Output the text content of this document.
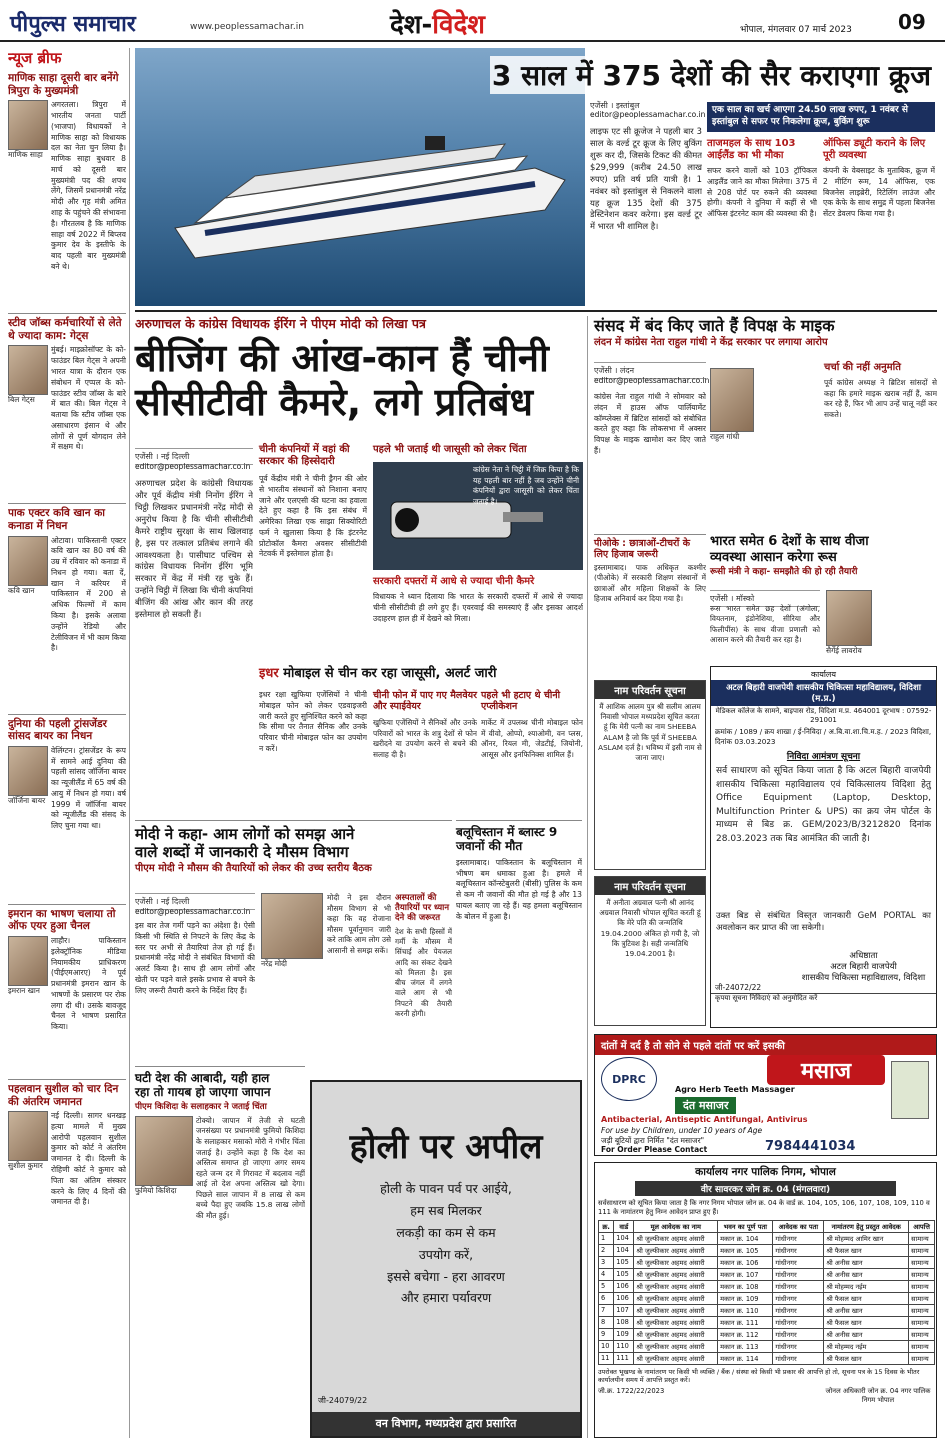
पीपुल्स समाचार	www.peoplessamachar.in	देश-विदेश	भोपाल, मंगलवार 07 मार्च 2023 09
न्यूज ब्रीफ
माणिक साहा दूसरी बार बनेंगे त्रिपुरा के मुख्यमंत्री
माणिक साहा
अगरतला। त्रिपुरा में भारतीय जनता पार्टी (भाजपा) विधायकों ने माणिक साहा को विधायक दल का नेता चुन लिया है। माणिक साहा बुधवार 8 मार्च को दूसरी बार मुख्यमंत्री पद की शपथ लेंगे, जिसमें प्रधानमंत्री नरेंद्र मोदी और गृह मंत्री अमित शाह के पहुंचने की संभावना है। गौरतलब है कि माणिक साहा वर्ष 2022 में बिप्लव कुमार देव के इस्तीफे के बाद पहली बार मुख्यमंत्री बने थे।
स्टीव जॉब्स कर्मचारियों से लेते थे ज्यादा काम: गेट्स
बिल गेट्स
मुंबई। माइक्रोसॉफ्ट के को-फाउंडर बिल गेट्स ने अपनी भारत यात्रा के दौरान एक संबोधन में एप्पल के को-फाउंडर स्टीव जॉब्स के बारे में बात की। बिल गेट्स ने बताया कि स्टीव जॉब्स एक असाधारण इंसान थे और लोगों से पूर्ण योगदान लेने में सक्षम थे।
पाक एक्टर कवि खान का कनाडा में निधन
कवि खान
ओटावा। पाकिस्तानी एक्टर कवि खान का 80 वर्ष की उम्र में रविवार को कनाडा में निधन हो गया। बता दें, खान ने करियर में पाकिस्तान में 200 से अधिक फिल्मों में काम किया है। इसके अलावा उन्होंने रेडियो और टेलीविजन में भी काम किया है।
दुनिया की पहली ट्रांसजेंडर सांसद बायर का निधन
जॉर्जिना बायर
वेलिंग्टन। ट्रांसजेंडर के रूप में सामने आई दुनिया की पहली सांसद जॉर्जिना बायर का न्यूजीलैंड में 65 वर्ष की आयु में निधन हो गया। वर्ष 1999 में जॉर्जिना बायर को न्यूजीलैंड की संसद के लिए चुना गया था।
इमरान का भाषण चलाया तो ऑफ एयर हुआ चैनल
इमरान खान
लाहौर। पाकिस्तान इलेक्ट्रॉनिक मीडिया नियामकीय प्राधिकरण (पीईएमआरए) ने पूर्व प्रधानमंत्री इमरान खान के भाषणों के प्रसारण पर रोक लगा दी थी। उसके बावजूद चैनल ने भाषण प्रसारित किया।
पहलवान सुशील को चार दिन की अंतरिम जमानत
सुशील कुमार
नई दिल्ली। सागर धनखड़ हत्या मामले में मुख्य आरोपी पहलवान सुशील कुमार को कोर्ट ने अंतरिम जमानत दे दी। दिल्ली के रोहिणी कोर्ट ने कुमार को पिता का अंतिम संस्कार करने के लिए 4 दिनों की जमानत दी है।
3 साल में 375 देशों की सैर कराएगा क्रूज
एजेंसी । इस्तांबुल
editor@peoplessamachar.co.in
लाइफ एट सी क्रूजेज ने पहली बार 3 साल के वर्ल्ड टूर क्रूज के लिए बुकिंग शुरू कर दी, जिसके टिकट की कीमत $29,999 (करीब 24.50 लाख रुपए) प्रति वर्ष प्रति यात्री है। 1 नवंबर को इस्तांबुल से निकलने वाला यह क्रूज 135 देशों की 375 डेस्टिनेशन कवर करेगा। इस वर्ल्ड टूर में भारत भी शामिल है।
एक साल का खर्च आएगा 24.50 लाख रुपए, 1 नवंबर से इस्तांबुल से सफर पर निकलेगा क्रूज, बुकिंग शुरू
ताजमहल के साथ 103 आईलैंड का भी मौका
सफर करने वालों को 103 ट्रॉपिकल आइलैंड जाने का मौका मिलेगा। 375 में से 208 पोर्ट पर रुकने की व्यवस्था होगी। कंपनी ने दुनिया में कहीं से भी ऑफिस इंटरनेट काम की व्यवस्था की है।
ऑफिस ड्यूटी कराने के लिए पूरी व्यवस्था
कंपनी के वेबसाइट के मुताबिक, क्रूज में 2 मीटिंग रूम, 14 ऑफिस, एक बिजनेस लाइब्रेरी, रिटेलिंग लाउंज और एक केफे के साथ समुद्र में पहला बिजनेस सेंटर डेवलप किया गया है।
अरुणाचल के कांग्रेस विधायक ईरिंग ने पीएम मोदी को लिखा पत्र
बीजिंग की आंख-कान हैं चीनी
सीसीटीवी कैमरे, लगे प्रतिबंध
एजेंसी । नई दिल्ली
editor@peoplessamachar.co.in
अरुणाचल प्रदेश के कांग्रेसी विधायक और पूर्व केंद्रीय मंत्री निनोंग ईरिंग ने चिट्ठी लिखकर प्रधानमंत्री नरेंद्र मोदी से अनुरोध किया है कि चीनी सीसीटीवी कैमरे राष्ट्रीय सुरक्षा के साथ खिलवाड़ है, इस पर तत्काल प्रतिबंध लगाने की आवश्यकता है। पासीघाट पश्चिम से कांग्रेस विधायक निनोंग ईरिंग भूमि सरकार में केंद्र में मंत्री रह चुके हैं। उन्होंने चिट्ठी में लिखा कि चीनी कंपनियां बीजिंग की आंख और कान की तरह इस्तेमाल हो सकती हैं।
चीनी कंपनियों में वहां की सरकार की हिस्सेदारी
पूर्व केंद्रीय मंत्री ने चीनी ड्रैगन की ओर से भारतीय संस्थानों को निशाना बनाए जाने और एलएसी की घटना का हवाला देते हुए कहा है कि इस संबंध में अमेरिका लिखा एक साझा सिक्योरिटी फर्म ने खुलासा किया है कि इंटरनेट प्रोटोकॉल कैमरा अवसर सीसीटीवी नेटवर्क में इस्तेमाल होता है।
पहले भी जताई थी जासूसी को लेकर चिंता
कांग्रेस नेता ने चिट्ठी में जिक्र किया है कि यह पहली बार नहीं है जब उन्होंने चीनी कंपनियों द्वारा जासूसी को लेकर चिंता जताई है।
सरकारी दफ्तरों में आधे से ज्यादा चीनी कैमरे
विधायक ने ध्यान दिलाया कि भारत के सरकारी दफ्तरों में आधे से ज्यादा चीनी सीसीटीवी ही लगे हुए हैं। एवरवाई की समस्याएं हैं और इसका आदर्श उदाहरण हाल ही में देखने को मिला।
इधर मोबाइल से चीन कर रहा जासूसी, अलर्ट जारी
इधर रक्षा खुफिया एजेंसियों ने चीनी मोबाइल फोन को लेकर एडवाइजरी जारी करते हुए सुनिश्चित करने को कहा कि सीमा पर तैनात सैनिक और उनके परिवार चीनी मोबाइल फोन का उपयोग न करें।
चीनी फोन में पाए गए मैलवेयर और स्पाईवेयर
खुफिया एजेंसियों ने सैनिकों और उनके परिवारों को भारत के शत्रु देशों से फोन खरीदने या उपयोग करने से बचने की सलाह दी है।
पहले भी हटाए थे चीनी एप्लीकेशन
मार्केट में उपलब्ध चीनी मोबाइल फोन में वीवो, ओप्पो, श्याओमी, वन प्लस, ऑनर, रियल मी, जेडटीई, जियोनी, आसूस और इनफिनिक्स शामिल हैं।
मोदी ने कहा- आम लोगों को समझ आने
वाले शब्दों में जानकारी दे मौसम विभाग
पीएम मोदी ने मौसम की तैयारियों को लेकर की उच्च स्तरीय बैठक
एजेंसी । नई दिल्ली
editor@peoplessamachar.co.in
इस बार तेज गर्मी पड़ने का अंदेशा है। ऐसी किसी भी स्थिति से निपटने के लिए केंद्र के स्तर पर अभी से तैयारियां तेज हो गई हैं। प्रधानमंत्री नरेंद्र मोदी ने संबंधित विभागों की अलर्ट किया है। साथ ही आम लोगों और खेती पर पड़ने वाले इसके प्रभाव से बचने के लिए जरूरी तैयारी करने के निर्देश दिए हैं।
नरेंद्र मोदी
मोदी ने इस दौरान मौसम विभाग से भी कहा कि वह रोजाना मौसम पूर्वानुमान जारी करे ताकि आम लोग उसे आसानी से समझ सकें।
अस्पतालों की तैयारियों पर ध्यान देने की जरूरत
देश के सभी हिस्सों में गर्मी के मौसम में सिंचाई और पेयजल आदि का संकट देखने को मिलता है। इस बीच जंगल में लगने वाले आग से भी निपटने की तैयारी करनी होगी।
बलूचिस्तान में ब्लास्ट 9 जवानों की मौत
इस्लामाबाद। पाकिस्तान के बलूचिस्तान में भीषण बम धमाका हुआ है। हमले में बलूचिस्तान कॉन्स्टेबुलरी (बीसी) पुलिस के कम से कम नौ जवानों की मौत हो गई है और 13 घायल बताए जा रहे हैं। यह हमला बलूचिस्तान के बोलन में हुआ है।
घटी देश की आबादी, यही हाल
रहा तो गायब हो जाएगा जापान
पीएम किशिदा के सलाहकार ने जताई चिंता
फुमियो किशिदा
टोक्यो। जापान में तेजी से घटती जनसंख्या पर प्रधानमंत्री फुमियो किशिदा के सलाहकार मसाको मोरी ने गंभीर चिंता जताई है। उन्होंने कहा है कि देश का अस्तित्व समाप्त हो जाएगा अगर समय रहते जन्म दर में गिरावट में बदलाव नहीं आई तो देश अपना अस्तित्व खो देगा। पिछले साल जापान में 8 लाख से कम बच्चे पैदा हुए जबकि 15.8 लाख लोगों की मौत हुई।
होली पर अपील
होली के पावन पर्व पर आईये,
हम सब मिलकर
लकड़ी का कम से कम
उपयोग करें,
इससे बचेगा - हरा आवरण
और हमारा पर्यावरण
जी-24079/22
वन विभाग, मध्यप्रदेश द्वारा प्रसारित
संसद में बंद किए जाते हैं विपक्ष के माइक
लंदन में कांग्रेस नेता राहुल गांधी ने केंद्र सरकार पर लगाया आरोप
एजेंसी । लंदन
editor@peoplessamachar.co.in
कांग्रेस नेता राहुल गांधी ने सोमवार को लंदन में हाउस ऑफ पार्लियामेंट कॉम्प्लेक्स में ब्रिटिश सांसदों को संबोधित करते हुए कहा कि लोकसभा में अक्सर विपक्ष के माइक खामोश कर दिए जाते हैं।
राहुल गांधी
चर्चा की नहीं अनुमति
पूर्व कांग्रेस अध्यक्ष ने ब्रिटिश सांसदों से कहा कि हमारे माइक खराब नहीं हैं, काम कर रहे हैं, फिर भी आप उन्हें चालू नहीं कर सकते।
पीओके : छात्राओं-टीचरों के लिए हिजाब जरूरी
इस्लामाबाद। पाक अधिकृत कश्मीर (पीओके) में सरकारी शिक्षण संस्थानों में छात्राओं और महिला शिक्षकों के लिए हिजाब अनिवार्य कर दिया गया है।
भारत समेत 6 देशों के साथ वीजा
व्यवस्था आसान करेगा रूस
रूसी मंत्री ने कहा- समझौते की हो रही तैयारी
एजेंसी । मॉस्को
रूस भारत समेत छह देशों (अंगोला, वियतनाम, इंडोनेशिया, सीरिया और फिलीपींस) के साथ वीजा प्रणाली को आसान करने की तैयारी कर रहा है।
सैर्गेई लावरोव
नाम परिवर्तन सूचना
मैं आशिक आलम पुत्र श्री सलीम आलम निवासी भोपाल मध्यप्रदेश सूचित करता हूं कि मेरी पत्नी का नाम SHEEBA ALAM है जो कि पूर्व में SHEEBA ASLAM दर्ज है। भविष्य में इसी नाम से जाना जाए।
नाम परिवर्तन सूचना
मैं अनीता अग्रवाल पत्नी श्री आनंद अग्रवाल निवासी भोपाल सूचित करती हूं कि मेरे पति की जन्मतिथि 19.04.2000 अंकित हो गयी है, जो कि त्रुटिवश है। सही जन्मतिथि 19.04.2001 है।
कार्यालय
अटल बिहारी वाजपेयी शासकीय चिकित्सा महाविद्यालय, विदिशा (म.प्र.)
मेडिकल कॉलेज के सामने, बाइपास रोड, विदिशा म.प्र. 464001 दूरभाष : 07592-291001
क्रमांक / 1089 / क्रय शाखा / ई-निविदा / अ.बि.वा.शा.चि.म.ह. / 2023 विदिशा, दिनांक 03.03.2023
निविदा आमंत्रण सूचना
सर्व साधारण को सूचित किया जाता है कि अटल बिहारी वाजपेयी शासकीय चिकित्सा महाविद्यालय एवं चिकित्सालय विदिशा हेतु Office Equipment (Laptop, Desktop, Multifunction Printer & UPS) का क्रय जेम पोर्टल के माध्यम से बिड क्र. GEM/2023/B/3212820 दिनांक 28.03.2023 तक बिड आमंत्रित की जाती है।
उक्त बिड से संबंधित विस्तृत जानकारी GeM PORTAL का अवलोकन कर प्राप्त की जा सकेगी।
अधिष्ठाता
अटल बिहारी वाजपेयी
शासकीय चिकित्सा महाविद्यालय, विदिशा
जी-24072/22
कृपया सूचना निविदाएं को अनुमोदित करें
दांतों में दर्द है तो सोने से पहले दांतों पर करें इसकी
DPRC	मसाज
Agro Herb Teeth Massager
दंत मसाजर
Antibacterial, Antiseptic Antifungal, Antivirus
For use by Children, under 10 years of Age
जड़ी बूटियों द्वारा निर्मित "दंत मसाजर"
For Order Please Contact	7984441034
कार्यालय नगर पालिक निगम, भोपाल
वीर सावरकर जोन क्र. 04 (मंगलवारा)
सर्वसाधारण को सूचित किया जाता है कि नगर निगम भोपाल जोन क्र. 04 के वार्ड क्र. 104, 105, 106, 107, 108, 109, 110 व 111 के नामांतरण हेतु निम्न आवेदन प्राप्त हुए हैं।
क्र.	वार्ड	मूल आवेदक का नाम	भवन का पूर्ण पता	आवेदक का पता	नामांतरण हेतु प्रस्तुत आवेदक	आपत्ति
1	104	श्री जुल्फीकार अहमद अंसारी	मकान क्र. 104	गांधीनगर	श्री मोहम्मद आमिर खान	सामान्य
2	104	श्री जुल्फीकार अहमद अंसारी	मकान क्र. 105	गांधीनगर	श्री फैसल खान	सामान्य
3	105	श्री जुल्फीकार अहमद अंसारी	मकान क्र. 106	गांधीनगर	श्री अनीस खान	सामान्य
4	105	श्री जुल्फीकार अहमद अंसारी	मकान क्र. 107	गांधीनगर	श्री अनीस खान	सामान्य
5	106	श्री जुल्फीकार अहमद अंसारी	मकान क्र. 108	गांधीनगर	श्री मोहम्मद नईम	सामान्य
6	106	श्री जुल्फीकार अहमद अंसारी	मकान क्र. 109	गांधीनगर	श्री फैसल खान	सामान्य
7	107	श्री जुल्फीकार अहमद अंसारी	मकान क्र. 110	गांधीनगर	श्री अनीस खान	सामान्य
8	108	श्री जुल्फीकार अहमद अंसारी	मकान क्र. 111	गांधीनगर	श्री फैसल खान	सामान्य
9	109	श्री जुल्फीकार अहमद अंसारी	मकान क्र. 112	गांधीनगर	श्री अनीस खान	सामान्य
10	110	श्री जुल्फीकार अहमद अंसारी	मकान क्र. 113	गांधीनगर	श्री मोहम्मद नईम	सामान्य
11	111	श्री जुल्फीकार अहमद अंसारी	मकान क्र. 114	गांधीनगर	श्री फैसल खान	सामान्य
उपरोक्त भूखण्ड के नामांतरण पर किसी भी व्यक्ति / बैंक / संस्था को किसी भी प्रकार की आपत्ति हो तो, सूचना पत्र के 15 दिवस के भीतर कार्यालयीन समय में आपत्ति प्रस्तुत करें।
जी.क्र. 1722/22/2023	जोनल अधिकारी जोन क्र. 04 नगर पालिक निगम भोपाल
